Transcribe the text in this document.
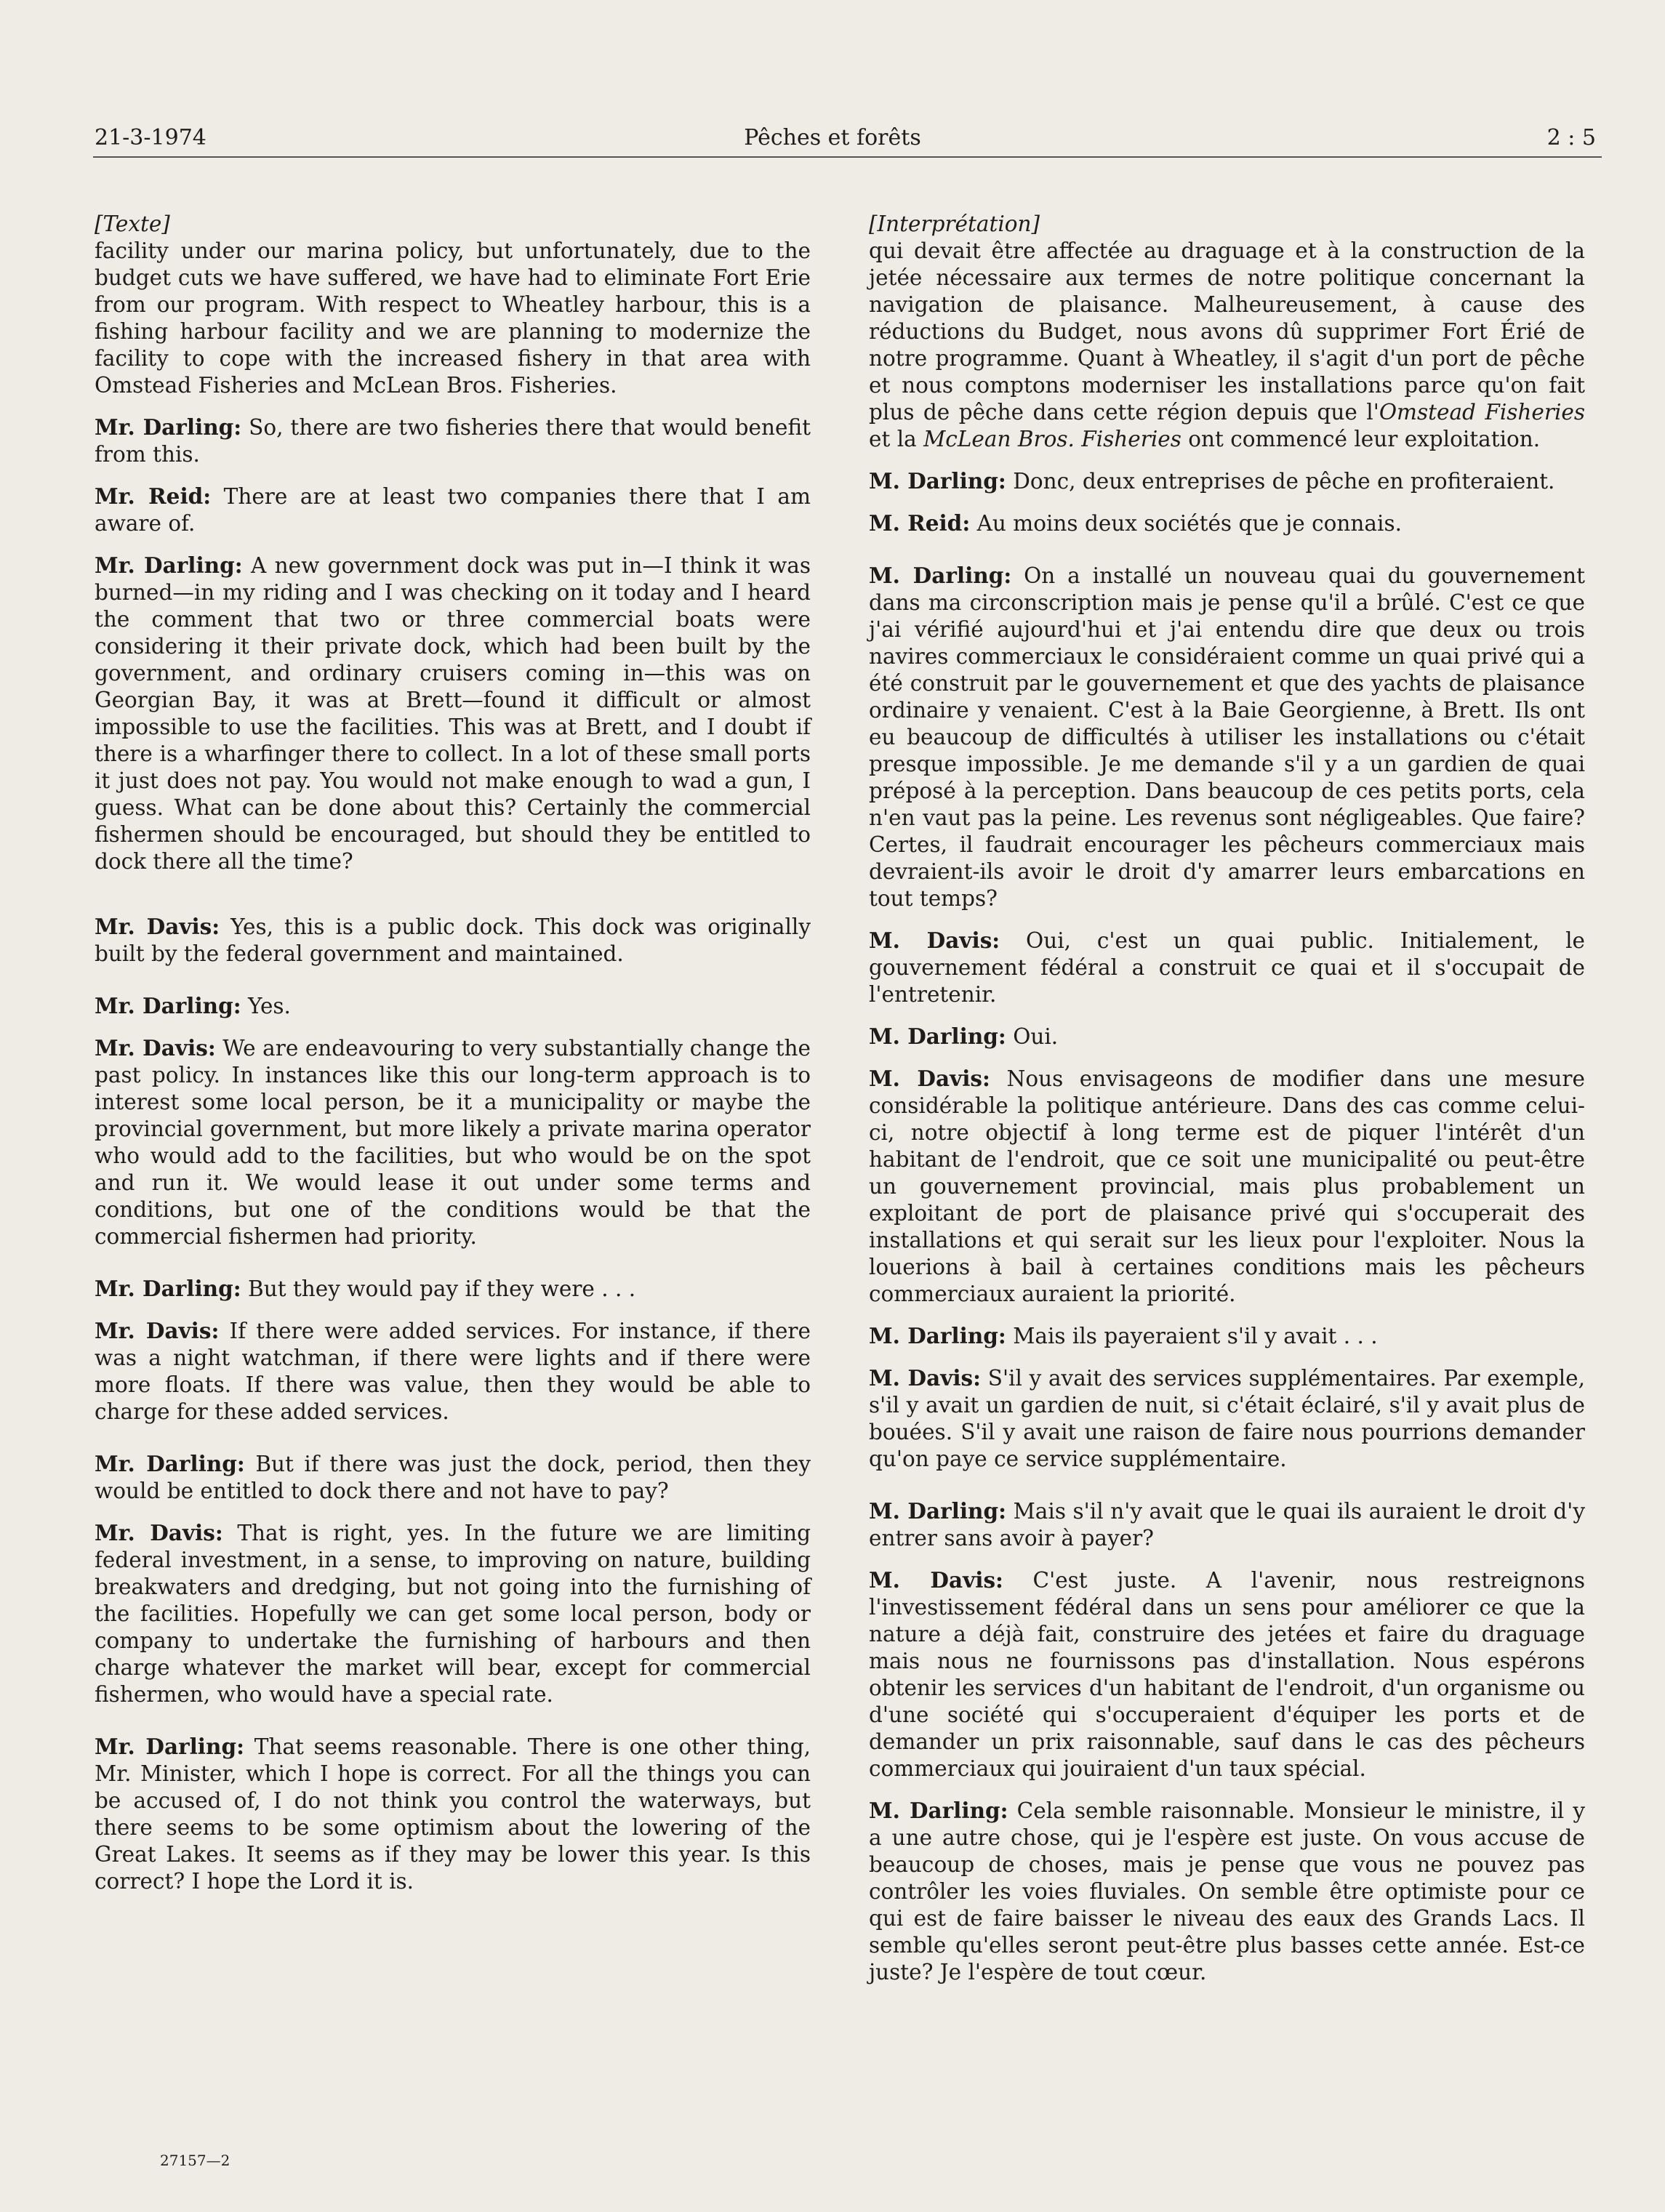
21-3-1974	Pêches et forêts	2 : 5
[Texte]

facility under our marina policy, but unfortunately, due to the budget cuts we have suffered, we have had to eliminate Fort Erie from our program. With respect to Wheatley harbour, this is a fishing harbour facility and we are planning to modernize the facility to cope with the increased fishery in that area with Omstead Fisheries and McLean Bros. Fisheries.

Mr. Darling: So, there are two fisheries there that would benefit from this.

Mr. Reid: There are at least two companies there that I am aware of.

Mr. Darling: A new government dock was put in—I think it was burned—in my riding and I was checking on it today and I heard the comment that two or three commercial boats were considering it their private dock, which had been built by the government, and ordinary cruisers coming in—this was on Georgian Bay, it was at Brett—found it difficult or almost impossible to use the facilities. This was at Brett, and I doubt if there is a wharfinger there to collect. In a lot of these small ports it just does not pay. You would not make enough to wad a gun, I guess. What can be done about this? Certainly the commercial fishermen should be encouraged, but should they be entitled to dock there all the time?

Mr. Davis: Yes, this is a public dock. This dock was originally built by the federal government and maintained.

Mr. Darling: Yes.

Mr. Davis: We are endeavouring to very substantially change the past policy. In instances like this our long-term approach is to interest some local person, be it a municipality or maybe the provincial government, but more likely a private marina operator who would add to the facilities, but who would be on the spot and run it. We would lease it out under some terms and conditions, but one of the conditions would be that the commercial fishermen had priority.

Mr. Darling: But they would pay if they were . . .

Mr. Davis: If there were added services. For instance, if there was a night watchman, if there were lights and if there were more floats. If there was value, then they would be able to charge for these added services.

Mr. Darling: But if there was just the dock, period, then they would be entitled to dock there and not have to pay?

Mr. Davis: That is right, yes. In the future we are limiting federal investment, in a sense, to improving on nature, building breakwaters and dredging, but not going into the furnishing of the facilities. Hopefully we can get some local person, body or company to undertake the furnishing of harbours and then charge whatever the market will bear, except for commercial fishermen, who would have a special rate.

Mr. Darling: That seems reasonable. There is one other thing, Mr. Minister, which I hope is correct. For all the things you can be accused of, I do not think you control the waterways, but there seems to be some optimism about the lowering of the Great Lakes. It seems as if they may be lower this year. Is this correct? I hope the Lord it is.

[Interprétation]

qui devait être affectée au draguage et à la construction de la jetée nécessaire aux termes de notre politique concernant la navigation de plaisance. Malheureusement, à cause des réductions du Budget, nous avons dû supprimer Fort Érié de notre programme. Quant à Wheatley, il s'agit d'un port de pêche et nous comptons moderniser les installations parce qu'on fait plus de pêche dans cette région depuis que l'Omstead Fisheries et la McLean Bros. Fisheries ont commencé leur exploitation.

M. Darling: Donc, deux entreprises de pêche en profiteraient.

M. Reid: Au moins deux sociétés que je connais.

M. Darling: On a installé un nouveau quai du gouvernement dans ma circonscription mais je pense qu'il a brûlé. C'est ce que j'ai vérifié aujourd'hui et j'ai entendu dire que deux ou trois navires commerciaux le considéraient comme un quai privé qui a été construit par le gouvernement et que des yachts de plaisance ordinaire y venaient. C'est à la Baie Georgienne, à Brett. Ils ont eu beaucoup de difficultés à utiliser les installations ou c'était presque impossible. Je me demande s'il y a un gardien de quai préposé à la perception. Dans beaucoup de ces petits ports, cela n'en vaut pas la peine. Les revenus sont négligeables. Que faire? Certes, il faudrait encourager les pêcheurs commerciaux mais devraient-ils avoir le droit d'y amarrer leurs embarcations en tout temps?

M. Davis: Oui, c'est un quai public. Initialement, le gouvernement fédéral a construit ce quai et il s'occupait de l'entretenir.

M. Darling: Oui.

M. Davis: Nous envisageons de modifier dans une mesure considérable la politique antérieure. Dans des cas comme celui-ci, notre objectif à long terme est de piquer l'intérêt d'un habitant de l'endroit, que ce soit une municipalité ou peut-être un gouvernement provincial, mais plus probablement un exploitant de port de plaisance privé qui s'occuperait des installations et qui serait sur les lieux pour l'exploiter. Nous la louerions à bail à certaines conditions mais les pêcheurs commerciaux auraient la priorité.

M. Darling: Mais ils payeraient s'il y avait . . .

M. Davis: S'il y avait des services supplémentaires. Par exemple, s'il y avait un gardien de nuit, si c'était éclairé, s'il y avait plus de bouées. S'il y avait une raison de faire nous pourrions demander qu'on paye ce service supplémentaire.

M. Darling: Mais s'il n'y avait que le quai ils auraient le droit d'y entrer sans avoir à payer?

M. Davis: C'est juste. A l'avenir, nous restreignons l'investissement fédéral dans un sens pour améliorer ce que la nature a déjà fait, construire des jetées et faire du draguage mais nous ne fournissons pas d'installation. Nous espérons obtenir les services d'un habitant de l'endroit, d'un organisme ou d'une société qui s'occuperaient d'équiper les ports et de demander un prix raisonnable, sauf dans le cas des pêcheurs commerciaux qui jouiraient d'un taux spécial.

M. Darling: Cela semble raisonnable. Monsieur le ministre, il y a une autre chose, qui je l'espère est juste. On vous accuse de beaucoup de choses, mais je pense que vous ne pouvez pas contrôler les voies fluviales. On semble être optimiste pour ce qui est de faire baisser le niveau des eaux des Grands Lacs. Il semble qu'elles seront peut-être plus basses cette année. Est-ce juste? Je l'espère de tout cœur.

27157—2
